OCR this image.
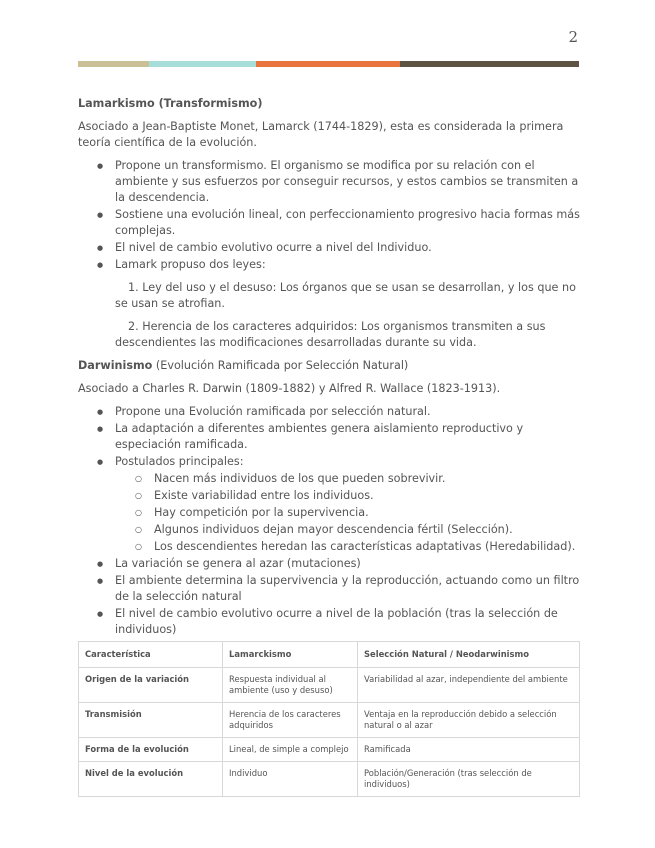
2
Lamarkismo (Transformismo)

Asociado a Jean-Baptiste Monet, Lamarck (1744-1829), esta es considerada la primera teoría científica de la evolución.

● Propone un transformismo. El organismo se modifica por su relación con el ambiente y sus esfuerzos por conseguir recursos, y estos cambios se transmiten a la descendencia.
● Sostiene una evolución lineal, con perfeccionamiento progresivo hacia formas más complejas.
● El nivel de cambio evolutivo ocurre a nivel del Individuo.
● Lamark propuso dos leyes:

1. Ley del uso y el desuso: Los órganos que se usan se desarrollan, y los que no se usan se atrofian.

2. Herencia de los caracteres adquiridos: Los organismos transmiten a sus descendientes las modificaciones desarrolladas durante su vida.

Darwinismo (Evolución Ramificada por Selección Natural)

Asociado a Charles R. Darwin (1809-1882) y Alfred R. Wallace (1823-1913).

● Propone una Evolución ramificada por selección natural.
● La adaptación a diferentes ambientes genera aislamiento reproductivo y especiación ramificada.
● Postulados principales:
○ Nacen más individuos de los que pueden sobrevivir.
○ Existe variabilidad entre los individuos.
○ Hay competición por la supervivencia.
○ Algunos individuos dejan mayor descendencia fértil (Selección).
○ Los descendientes heredan las características adaptativas (Heredabilidad).
● La variación se genera al azar (mutaciones)
● El ambiente determina la supervivencia y la reproducción, actuando como un filtro de la selección natural
● El nivel de cambio evolutivo ocurre a nivel de la población (tras la selección de individuos)
Característica	Lamarckismo	Selección Natural / Neodarwinismo
Origen de la variación	Respuesta individual al ambiente (uso y desuso)	Variabilidad al azar, independiente del ambiente
Transmisión	Herencia de los caracteres adquiridos	Ventaja en la reproducción debido a selección natural o al azar
Forma de la evolución	Lineal, de simple a complejo	Ramificada
Nivel de la evolución	Individuo	Población/Generación (tras selección de individuos)
